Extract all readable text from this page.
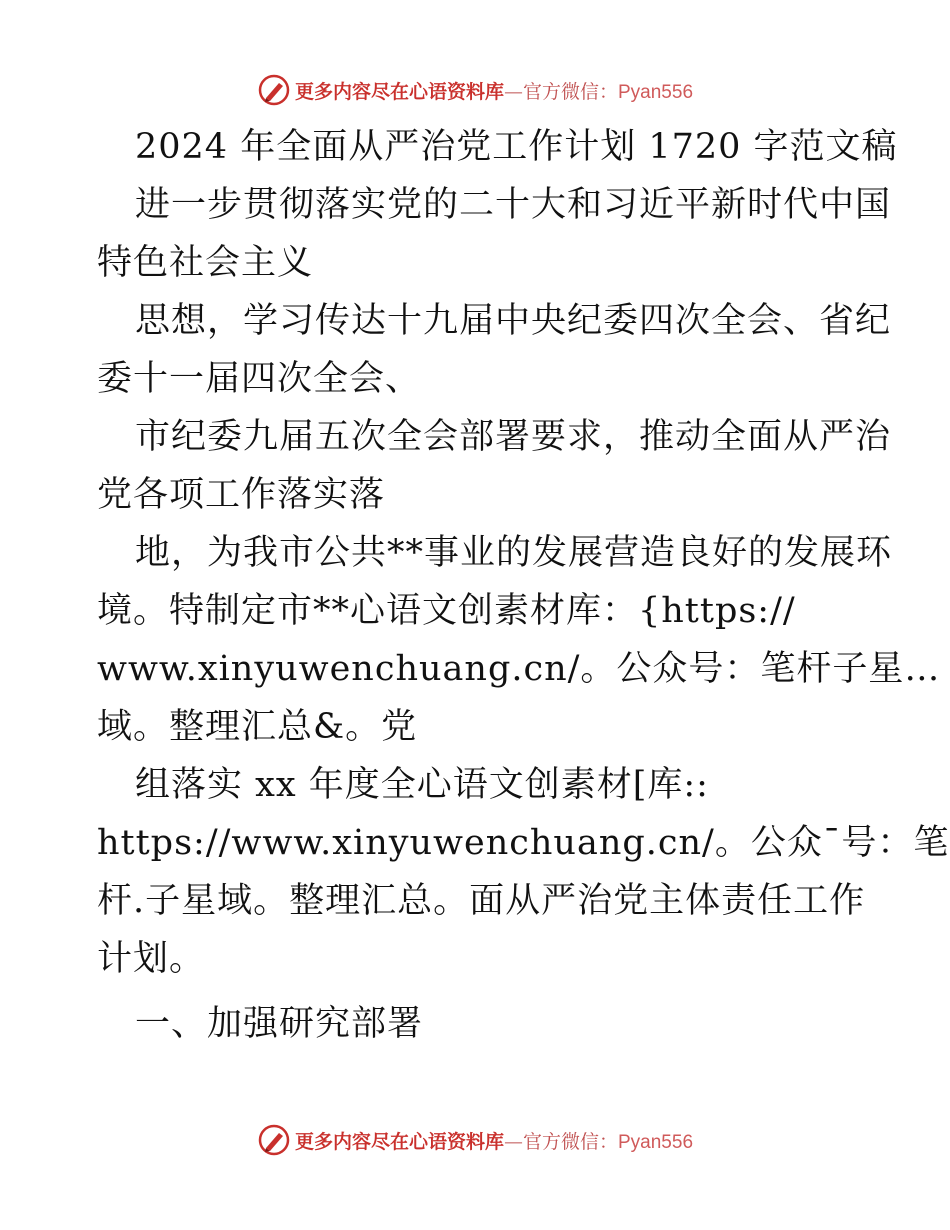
更多内容尽在心语资料库—官方微信：Pyan556
2024 年全面从严治党工作计划 1720 字范文稿
进一步贯彻落实党的二十大和习近平新时代中国
特色社会主义
思想，学习传达十九届中央纪委四次全会、省纪
委十一届四次全会、
市纪委九届五次全会部署要求，推动全面从严治
党各项工作落实落
地，为我市公共**事业的发展营造良好的发展环
境。特制定市**心语文创素材库：{https://
www.xinyuwenchuang.cn/。公众号：笔杆子星…
域。整理汇总&。党
组落实 xx 年度全心语文创素材[库::
https://www.xinyuwenchuang.cn/。公众¯号：笔
杆.子星域。整理汇总。面从严治党主体责任工作
计划。
一、加强研究部署
更多内容尽在心语资料库—官方微信：Pyan556
